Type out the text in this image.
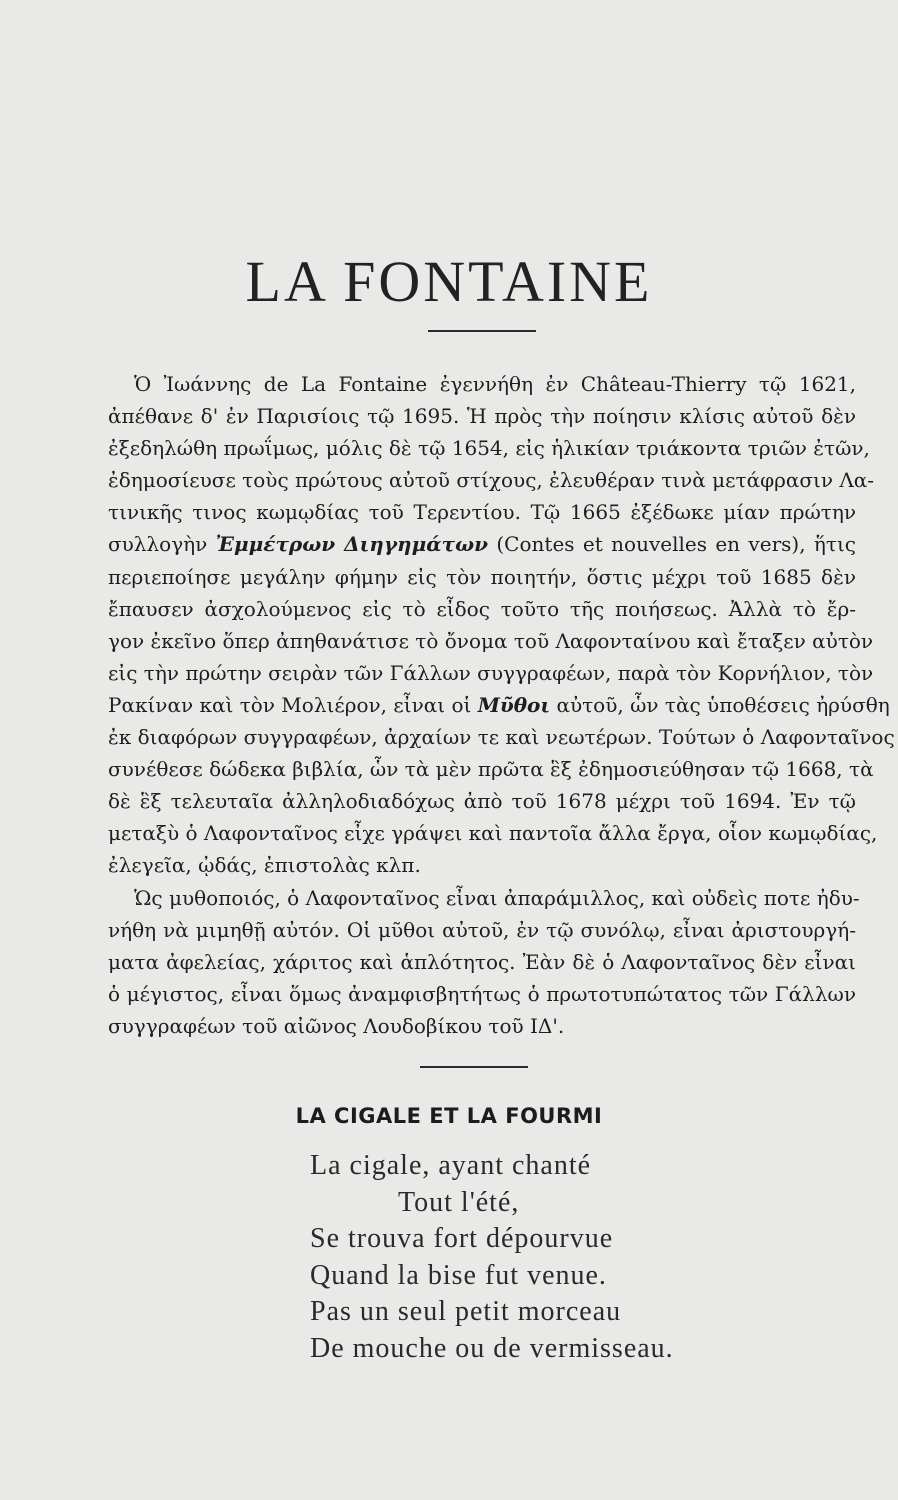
LA FONTAINE
Ὁ Ἰωάννης de La Fontaine ἐγεννήθη ἐν Château-Thierry τῷ 1621,
ἀπέθανε δ' ἐν Παρισίοις τῷ 1695. Ἡ πρὸς τὴν ποίησιν κλίσις αὐτοῦ δὲν
ἐξεδηλώθη πρωΐμως, μόλις δὲ τῷ 1654, εἰς ἡλικίαν τριάκοντα τριῶν ἐτῶν,
ἐδημοσίευσε τοὺς πρώτους αὐτοῦ στίχους, ἐλευθέραν τινὰ μετάφρασιν Λα-
τινικῆς τινος κωμῳδίας τοῦ Τερεντίου. Τῷ 1665 ἐξέδωκε μίαν πρώτην
συλλογὴν Ἐμμέτρων Διηγημάτων (Contes et nouvelles en vers), ἥτις
περιεποίησε μεγάλην φήμην εἰς τὸν ποιητήν, ὅστις μέχρι τοῦ 1685 δὲν
ἔπαυσεν ἀσχολούμενος εἰς τὸ εἶδος τοῦτο τῆς ποιήσεως. Ἀλλὰ τὸ ἔρ-
γον ἐκεῖνο ὅπερ ἀπηθανάτισε τὸ ὄνομα τοῦ Λαφονταίνου καὶ ἔταξεν αὐτὸν
εἰς τὴν πρώτην σειρὰν τῶν Γάλλων συγγραφέων, παρὰ τὸν Κορνήλιον, τὸν
Ρακίναν καὶ τὸν Μολιέρον, εἶναι οἱ Μῦθοι αὐτοῦ, ὧν τὰς ὑποθέσεις ἠρύσθη
ἐκ διαφόρων συγγραφέων, ἀρχαίων τε καὶ νεωτέρων. Τούτων ὁ Λαφονταῖνος
συνέθεσε δώδεκα βιβλία, ὧν τὰ μὲν πρῶτα ἓξ ἐδημοσιεύθησαν τῷ 1668, τὰ
δὲ ἓξ τελευταῖα ἀλληλοδιαδόχως ἀπὸ τοῦ 1678 μέχρι τοῦ 1694. Ἐν τῷ
μεταξὺ ὁ Λαφονταῖνος εἶχε γράψει καὶ παντοῖα ἄλλα ἔργα, οἷον κωμῳδίας,
ἐλεγεῖα, ᾠδάς, ἐπιστολὰς κλπ.
Ὡς μυθοποιός, ὁ Λαφονταῖνος εἶναι ἀπαράμιλλος, καὶ οὐδεὶς ποτε ἠδυ-
νήθη νὰ μιμηθῇ αὐτόν. Οἱ μῦθοι αὐτοῦ, ἐν τῷ συνόλῳ, εἶναι ἀριστουργή-
ματα ἀφελείας, χάριτος καὶ ἁπλότητος. Ἐὰν δὲ ὁ Λαφονταῖνος δὲν εἶναι
ὁ μέγιστος, εἶναι ὅμως ἀναμφισβητήτως ὁ πρωτοτυπώτατος τῶν Γάλλων
συγγραφέων τοῦ αἰῶνος Λουδοβίκου τοῦ ΙΔ'.
LA CIGALE ET LA FOURMI
La cigale, ayant chanté
Tout l'été,
Se trouva fort dépourvue
Quand la bise fut venue.
Pas un seul petit morceau
De mouche ou de vermisseau.
